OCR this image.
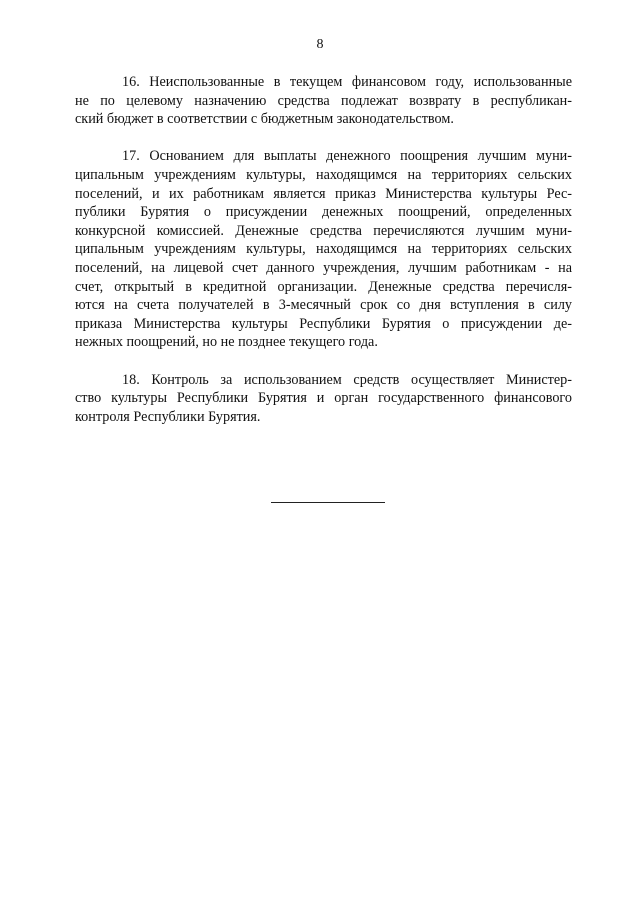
8

16. Неиспользованные в текущем финансовом году, использованные
не по целевому назначению средства подлежат возврату в республикан-
ский бюджет в соответствии с бюджетным законодательством.

17. Основанием для выплаты денежного поощрения лучшим муни-
ципальным учреждениям культуры, находящимся на территориях сельских
поселений, и их работникам является приказ Министерства культуры Рес-
публики Бурятия о присуждении денежных поощрений, определенных
конкурсной комиссией. Денежные средства перечисляются лучшим муни-
ципальным учреждениям культуры, находящимся на территориях сельских
поселений, на лицевой счет данного учреждения, лучшим работникам - на
счет, открытый в кредитной организации. Денежные средства перечисля-
ются на счета получателей в 3-месячный срок со дня вступления в силу
приказа Министерства культуры Республики Бурятия о присуждении де-
нежных поощрений, но не позднее текущего года.

18. Контроль за использованием средств осуществляет Министер-
ство культуры Республики Бурятия и орган государственного финансового
контроля Республики Бурятия.
